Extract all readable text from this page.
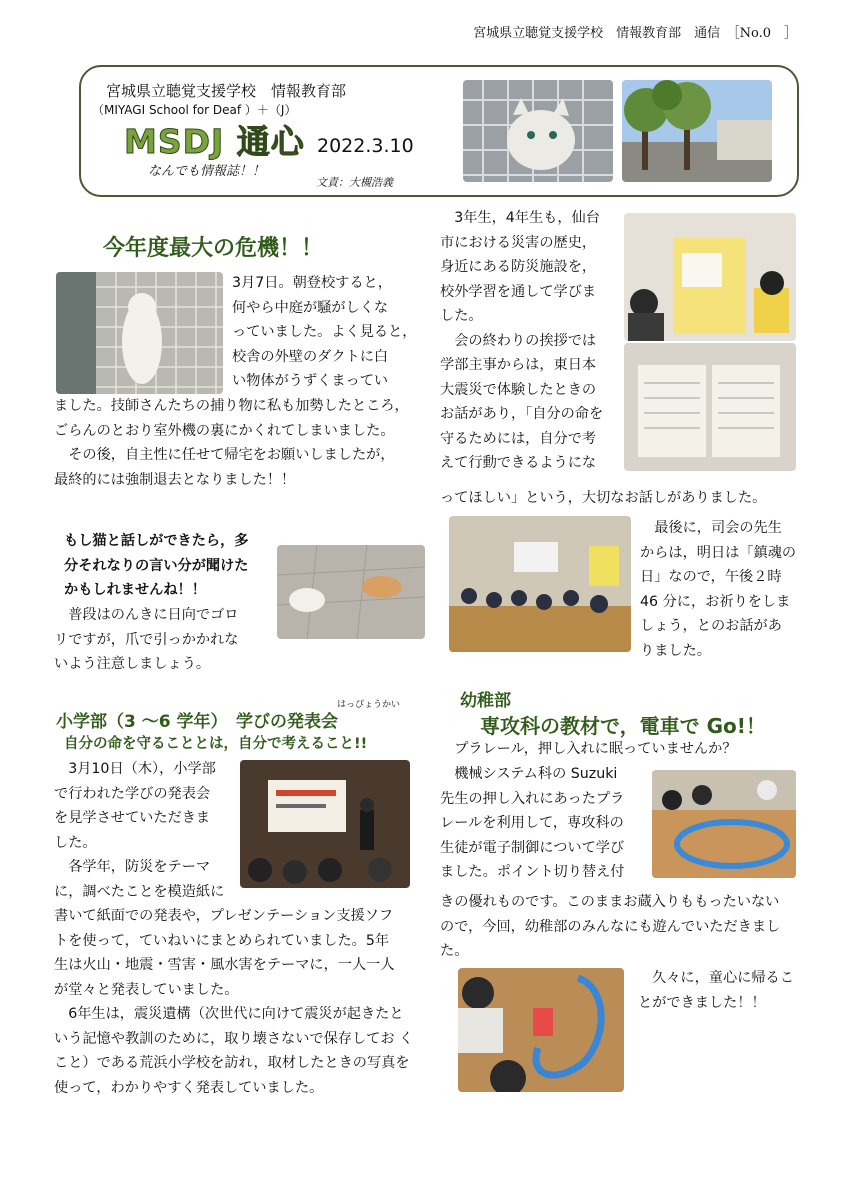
宮城県立聴覚支援学校　情報教育部　通信　［No.0　］
宮城県立聴覚支援学校　情報教育部
（MIYAGI School for Deaf ）＋（J）
MSDJ 通心 2022.3.10
なんでも情報誌！！
文責：大槻浩義
今年度最大の危機！！

3月7日。朝登校すると，

何やら中庭が騒がしくな

っていました。よく見ると，

校舎の外壁のダクトに白

い物体がうずくまってい

ました。技師さんたちの捕り物に私も加勢したところ，

ごらんのとおり室外機の裏にかくれてしまいました。

　その後，自主性に任せて帰宅をお願いしましたが，

最終的には強制退去となりました！！

もし猫と話しができたら，多

分それなりの言い分が聞けた

かもしれませんね！！

　普段はのんきに日向でゴロ

リですが，爪で引っかかれな

いよう注意しましょう。

はっぴょうかい
小学部（3 〜6 学年）　学びの発表会
自分の命を守ることとは，自分で考えること!!

　3月10日（木），小学部

で行われた学びの発表会

を見学させていただきま

した。

　各学年，防災をテーマ

に，調べたことを模造紙に

書いて紙面での発表や，プレゼンテーション支援ソフ

トを使って，ていねいにまとめられていました。5年

生は火山・地震・雪害・風水害をテーマに，一人一人

が堂々と発表していました。

　6年生は，震災遺構（次世代に向けて震災が起きたと

いう記憶や教訓のために，取り壊さないで保存してお く

こと）である荒浜小学校を訪れ，取材したときの写真を

使って，わかりやすく発表していました。

　3年生，4年生も，仙台

市における災害の歴史，

身近にある防災施設を，

校外学習を通して学びま

した。

　会の終わりの挨拶では

学部主事からは，東日本

大震災で体験したときの

お話があり，「自分の命を

守るためには，自分で考

えて行動できるようにな

ってほしい」という，大切なお話しがありました。

　最後に，司会の先生

からは，明日は「鎮魂の

日」なので，午後２時

46 分に，お祈りをしま

しょう，とのお話があ

りました。

幼稚部
専攻科の教材で，電車で Go!！

　プラレール，押し入れに眠っていませんか？

　機械システム科の Suzuki

先生の押し入れにあったプラ

レールを利用して，専攻科の

生徒が電子制御について学び

ました。ポイント切り替え付

きの優れものです。このままお蔵入りももったいない

ので，今回，幼稚部のみんなにも遊んでいただきまし

た。

久々に，童心に帰るこ

とができました！！
